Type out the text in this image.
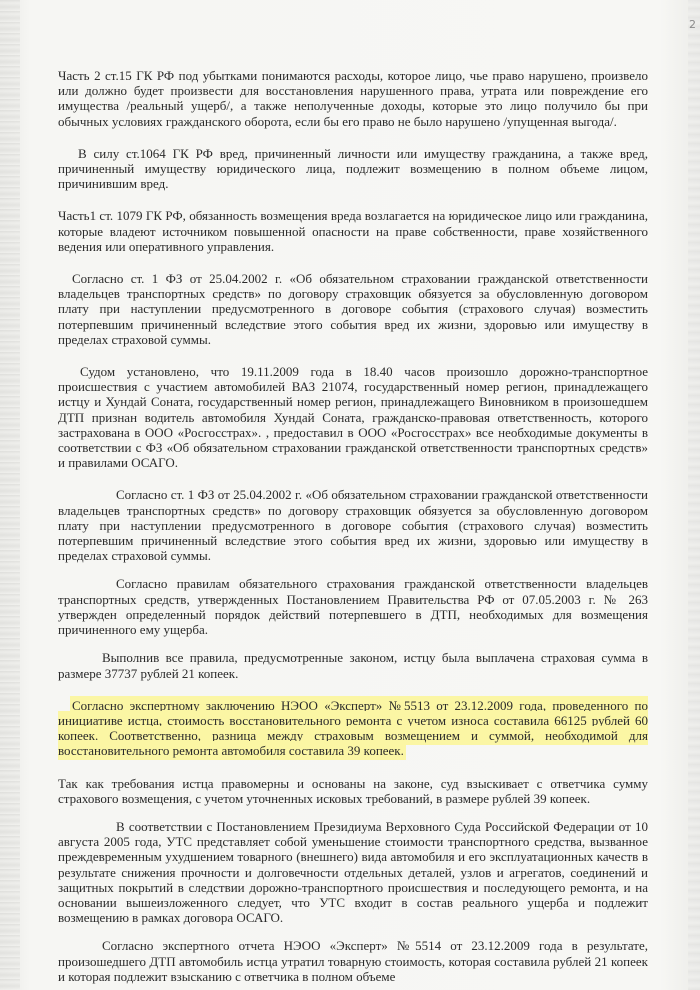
2

Часть 2 ст.15 ГК РФ под убытками понимаются расходы, которое лицо, чье право нарушено, произвело или должно будет произвести для восстановления нарушенного права, утрата или повреждение его имущества /реальный ущерб/, а также неполученные доходы, которые это лицо получило бы при обычных условиях гражданского оборота, если бы его право не было нарушено /упущенная выгода/.

В силу ст.1064 ГК РФ вред, причиненный личности или имуществу гражданина, а также вред, причиненный имуществу юридического лица, подлежит возмещению в полном объеме лицом, причинившим вред.

Часть1 ст. 1079 ГК РФ, обязанность возмещения вреда возлагается на юридическое лицо или гражданина, которые владеют источником повышенной опасности на праве собственности, праве хозяйственного ведения или оперативного управления.

Согласно ст. 1 ФЗ от 25.04.2002 г. «Об обязательном страховании гражданской ответственности владельцев транспортных средств» по договору страховщик обязуется за обусловленную договором плату при наступлении предусмотренного в договоре события (страхового случая) возместить потерпевшим причиненный вследствие этого события вред их жизни, здоровью или имуществу в пределах страховой суммы.

Судом установлено, что 19.11.2009 года в 18.40 часов произошло дорожно-транспортное происшествия с участием автомобилей ВАЗ 21074, государственный номер регион, принадлежащего истцу и Хундай Соната, государственный номер регион, принадлежащего Виновником в произошедшем ДТП признан водитель автомобиля Хундай Соната, гражданско-правовая ответственность, которого застрахована в ООО «Росгосстрах». , предоставил в ООО «Росгосстрах» все необходимые документы в соответствии с ФЗ «Об обязательном страховании гражданской ответственности транспортных средств» и правилами ОСАГО.

Согласно ст. 1 ФЗ от 25.04.2002 г. «Об обязательном страховании гражданской ответственности владельцев транспортных средств» по договору страховщик обязуется за обусловленную договором плату при наступлении предусмотренного в договоре события (страхового случая) возместить потерпевшим причиненный вследствие этого события вред их жизни, здоровью или имуществу в пределах страховой суммы.

Согласно правилам обязательного страхования гражданской ответственности владельцев транспортных средств, утвержденных Постановлением Правительства РФ от 07.05.2003 г. № 263 утвержден определенный порядок действий потерпевшего в ДТП, необходимых для возмещения причиненного ему ущерба.

Выполнив все правила, предусмотренные законом, истцу была выплачена страховая сумма в размере 37737 рублей 21 копеек.

Согласно экспертному заключению НЭОО «Эксперт» №5513 от 23.12.2009 года, проведенного по инициативе истца, стоимость восстановительного ремонта с учетом износа составила 66125 рублей 60 копеек. Соответственно, разница между страховым возмещением и суммой, необходимой для восстановительного ремонта автомобиля составила 39 копеек.

Так как требования истца правомерны и основаны на законе, суд взыскивает с ответчика сумму страхового возмещения, с учетом уточненных исковых требований, в размере рублей 39 копеек.

В соответствии с Постановлением Президиума Верховного Суда Российской Федерации от 10 августа 2005 года, УТС представляет собой уменьшение стоимости транспортного средства, вызванное преждевременным ухудшением товарного (внешнего) вида автомобиля и его эксплуатационных качеств в результате снижения прочности и долговечности отдельных деталей, узлов и агрегатов, соединений и защитных покрытий в следствии дорожно-транспортного происшествия и последующего ремонта, и на основании вышеизложенного следует, что УТС входит в состав реального ущерба и подлежит возмещению в рамках договора ОСАГО.

Согласно экспертного отчета НЭОО «Эксперт» №5514 от 23.12.2009 года в результате, произошедшего ДТП автомобиль истца утратил товарную стоимость, которая составила рублей 21 копеек и которая подлежит взысканию с ответчика в полном объеме
